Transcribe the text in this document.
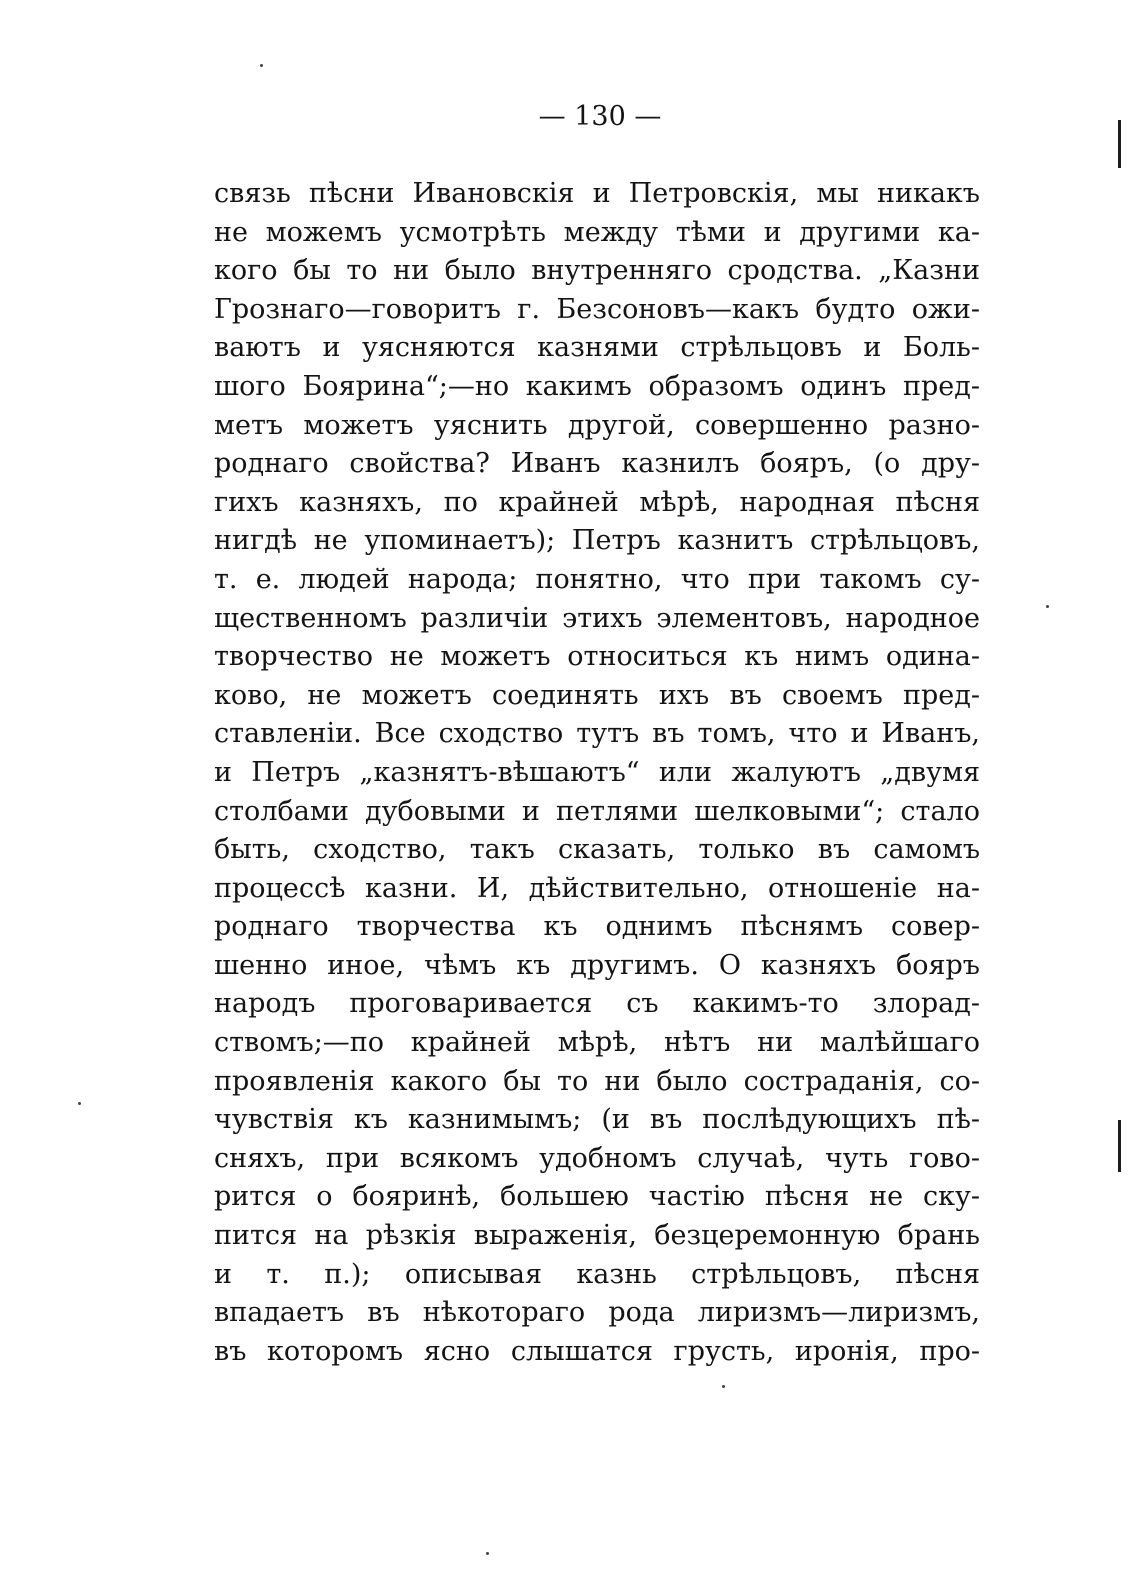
— 130 —
связь пѣсни Ивановскія и Петровскія, мы никакъ
не можемъ усмотрѣть между тѣми и другими ка-
кого бы то ни было внутренняго сродства. „Казни
Грознаго—говоритъ г. Безсоновъ—какъ будто ожи-
ваютъ и уясняются казнями стрѣльцовъ и Боль-
шого Боярина“;—но какимъ образомъ одинъ пред-
метъ можетъ уяснить другой, совершенно разно-
роднаго свойства? Иванъ казнилъ бояръ, (о дру-
гихъ казняхъ, по крайней мѣрѣ, народная пѣсня
нигдѣ не упоминаетъ); Петръ казнитъ стрѣльцовъ,
т. е. людей народа; понятно, что при такомъ су-
щественномъ различіи этихъ элементовъ, народное
творчество не можетъ относиться къ нимъ одина-
ково, не можетъ соединять ихъ въ своемъ пред-
ставленіи. Все сходство тутъ въ томъ, что и Иванъ,
и Петръ „казнятъ-вѣшаютъ“ или жалуютъ „двумя
столбами дубовыми и петлями шелковыми“; стало
быть, сходство, такъ сказать, только въ самомъ
процессѣ казни. И, дѣйствительно, отношеніе на-
роднаго творчества къ однимъ пѣснямъ совер-
шенно иное, чѣмъ къ другимъ. О казняхъ бояръ
народъ проговаривается съ какимъ-то злорад-
ствомъ;—по крайней мѣрѣ, нѣтъ ни малѣйшаго
проявленія какого бы то ни было состраданія, со-
чувствія къ казнимымъ; (и въ послѣдующихъ пѣ-
сняхъ, при всякомъ удобномъ случаѣ, чуть гово-
рится о бояринѣ, большею частію пѣсня не ску-
пится на рѣзкія выраженія, безцеремонную брань
и т. п.); описывая казнь стрѣльцовъ, пѣсня
впадаетъ въ нѣкотораго рода лиризмъ—лиризмъ,
въ которомъ ясно слышатся грусть, иронія, про-
